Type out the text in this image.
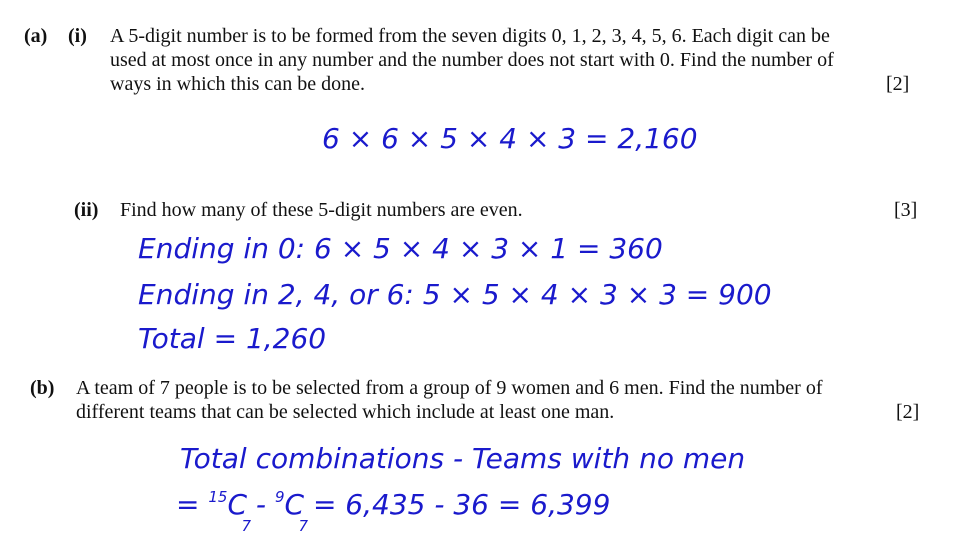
(a) (i) A 5-digit number is to be formed from the seven digits 0, 1, 2, 3, 4, 5, 6. Each digit can be
used at most once in any number and the number does not start with 0. Find the number of
ways in which this can be done.	[2]
6 × 6 × 5 × 4 × 3 = 2,160
(ii) Find how many of these 5-digit numbers are even.	[3]
Ending in 0: 6 × 5 × 4 × 3 × 1 = 360
Ending in 2, 4, or 6: 5 × 5 × 4 × 3 × 3 = 900
Total = 1,260
(b) A team of 7 people is to be selected from a group of 9 women and 6 men. Find the number of
different teams that can be selected which include at least one man.	[2]
Total combinations - Teams with no men
= $^{15}$C
7
- $^9$C
7
= 6,435 - 36 = 6,399
